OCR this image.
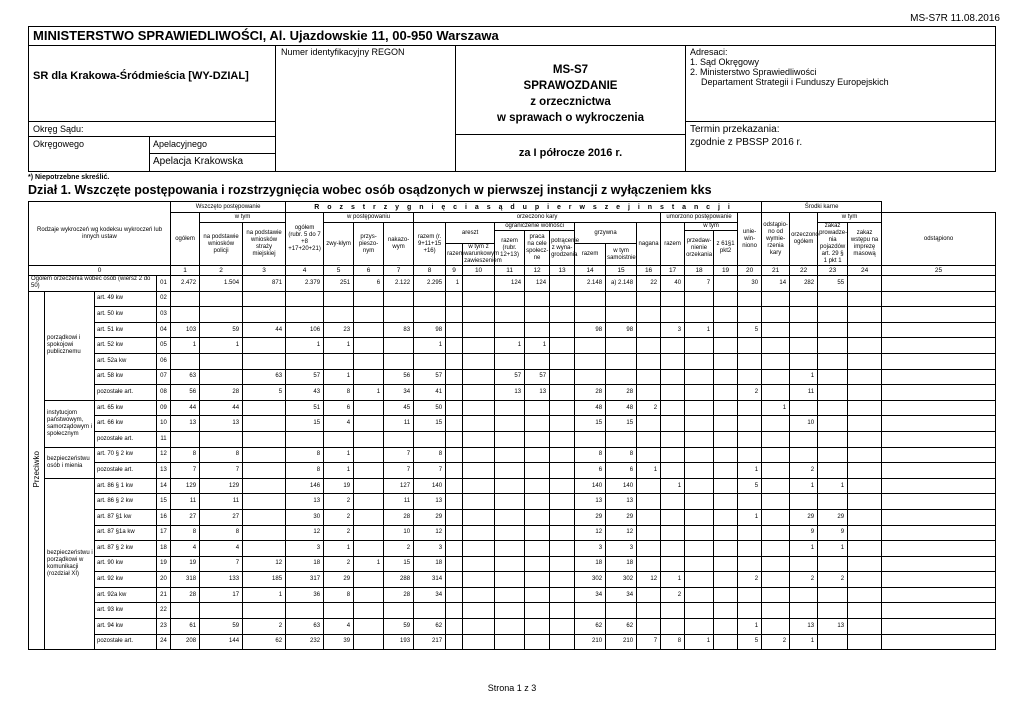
MS-S7R 11.08.2016
MINISTERSTWO SPRAWIEDLIWOŚCI, Al. Ujazdowskie 11, 00-950 Warszawa
SR dla Krakowa-Śródmieścia [WY-DZIAL]
Okręg Sądu:
Okręgowego	Apelacyjnego
Apelacja Krakowska
Numer identyfikacyjny REGON
MS-S7
SPRAWOZDANIE
z orzecznictwa
w sprawach o wykroczenia
za I półrocze 2016 r.
Adresaci:
1. Sąd Okręgowy
2. Ministerstwo Sprawiedliwości
Departament Strategii i Funduszy Europejskich
Termin przekazania:
zgodnie z PBSSP 2016 r.
*) Niepotrzebne skreślić.
Dział 1. Wszczęte postępowania i rozstrzygnięcia wobec osób osądzonych w pierwszej instancji z wyłączeniem kks
Rodzaje wykroczeń wg kodeksu wykroczeń lub innych ustaw				Wszczęto postępowanie			R o z s t r z y g n i ę c i a s ą d u p i e r w s z e j i n s t a n c j i																	Środki karne				
				ogółem	w tym		ogółem (rubr. 5 do 7 +8 +17+20+21)	w postępowaniu			orzeczono kary									umorzono postępowanie			unie-win-niono	odstąpio-no od wymie-rzenia kary	orzeczono ogółem	w tym		odstąpiono
					na podstawie wniosków policji	na podstawie wniosków straży miejskiej		zwy-kłym	przys-pieszo-nym	nakazo-wym	razem (r. 9+11+15 +16)	areszt		ograniczenie wolności			grzywna		nagana	razem	w tym					zakaz prowadze-nia pojazdów art. 29 § 1 pkt 1	zakaz wstępu na imprezę masową	
														razem (rubr. 12+13)	praca na cele społecz-ne	potrącenie z wyna-grodzenia					przedaw-nienie orzekania	z 61§1 pkt2						
												razem	w tym z warunkowym zawieszeniem				razem	w tym samoistnie										
0				1	2	3	4	5	6	7	8	9	10	11	12	13	14	15	16	17	18	19	20	21	22	23	24	25
Ogółem orzeczenia wobec osób (wiersz 2 do 50)			01	2.472	1.504	871	2.379	251	6	2.122	2.295	1		124	124		2.148	a) 2.148	22	40	7		30	14	282	55		
Przeciwko	porządkowi i spokojowi publicznemu	art. 49 kw	02																									
		art. 50 kw	03																									
		art. 51 kw	04	103	59	44	106	23		83	98						98	98		3	1		5					
		art. 52 kw	05	1	1		1	1			1			1	1													
		art. 52a kw	06																									
		art. 58 kw	07	63		63	57	1		56	57			57	57										1			
		pozostałe art.	08	56	28	5	43	8	1	34	41			13	13		28	28					2		11			
	instytucjom państwowym, samorządowym i społecznym	art. 65 kw	09	44	44		51	6		45	50						48	48	2					1				
		art. 66 kw	10	13	13		15	4		11	15						15	15							10			
		pozostałe art.	11																									
	bezpieczeństwu osób i mienia	art. 70 § 2 kw	12	8	8		8	1		7	8						8	8										
		pozostałe art.	13	7	7		8	1		7	7						6	6	1				1		2			
	bezpieczeństwu i porządkowi w komunikacji (rozdział XI)	art. 86 § 1 kw	14	129	129		146	19		127	140						140	140		1			5		1	1		
		art. 86 § 2 kw	15	11	11		13	2		11	13						13	13										
		art. 87 §1 kw	16	27	27		30	2		28	29						29	29					1		29	29		
		art. 87 §1a kw	17	8	8		12	2		10	12						12	12							9	9		
		art. 87 § 2 kw	18	4	4		3	1		2	3						3	3							1	1		
		art. 90 kw	19	19	7	12	18	2	1	15	18						18	18										
		art. 92 kw	20	318	133	185	317	29		288	314						302	302	12	1			2		2	2		
		art. 92a kw	21	28	17	1	36	8		28	34						34	34		2								
		art. 93 kw	22																									
		art. 94 kw	23	61	59	2	63	4		59	62						62	62					1		13	13		
		pozostałe art.	24	208	144	62	232	39		193	217						210	210	7	8	1		5	2	1			
Strona 1 z 3
